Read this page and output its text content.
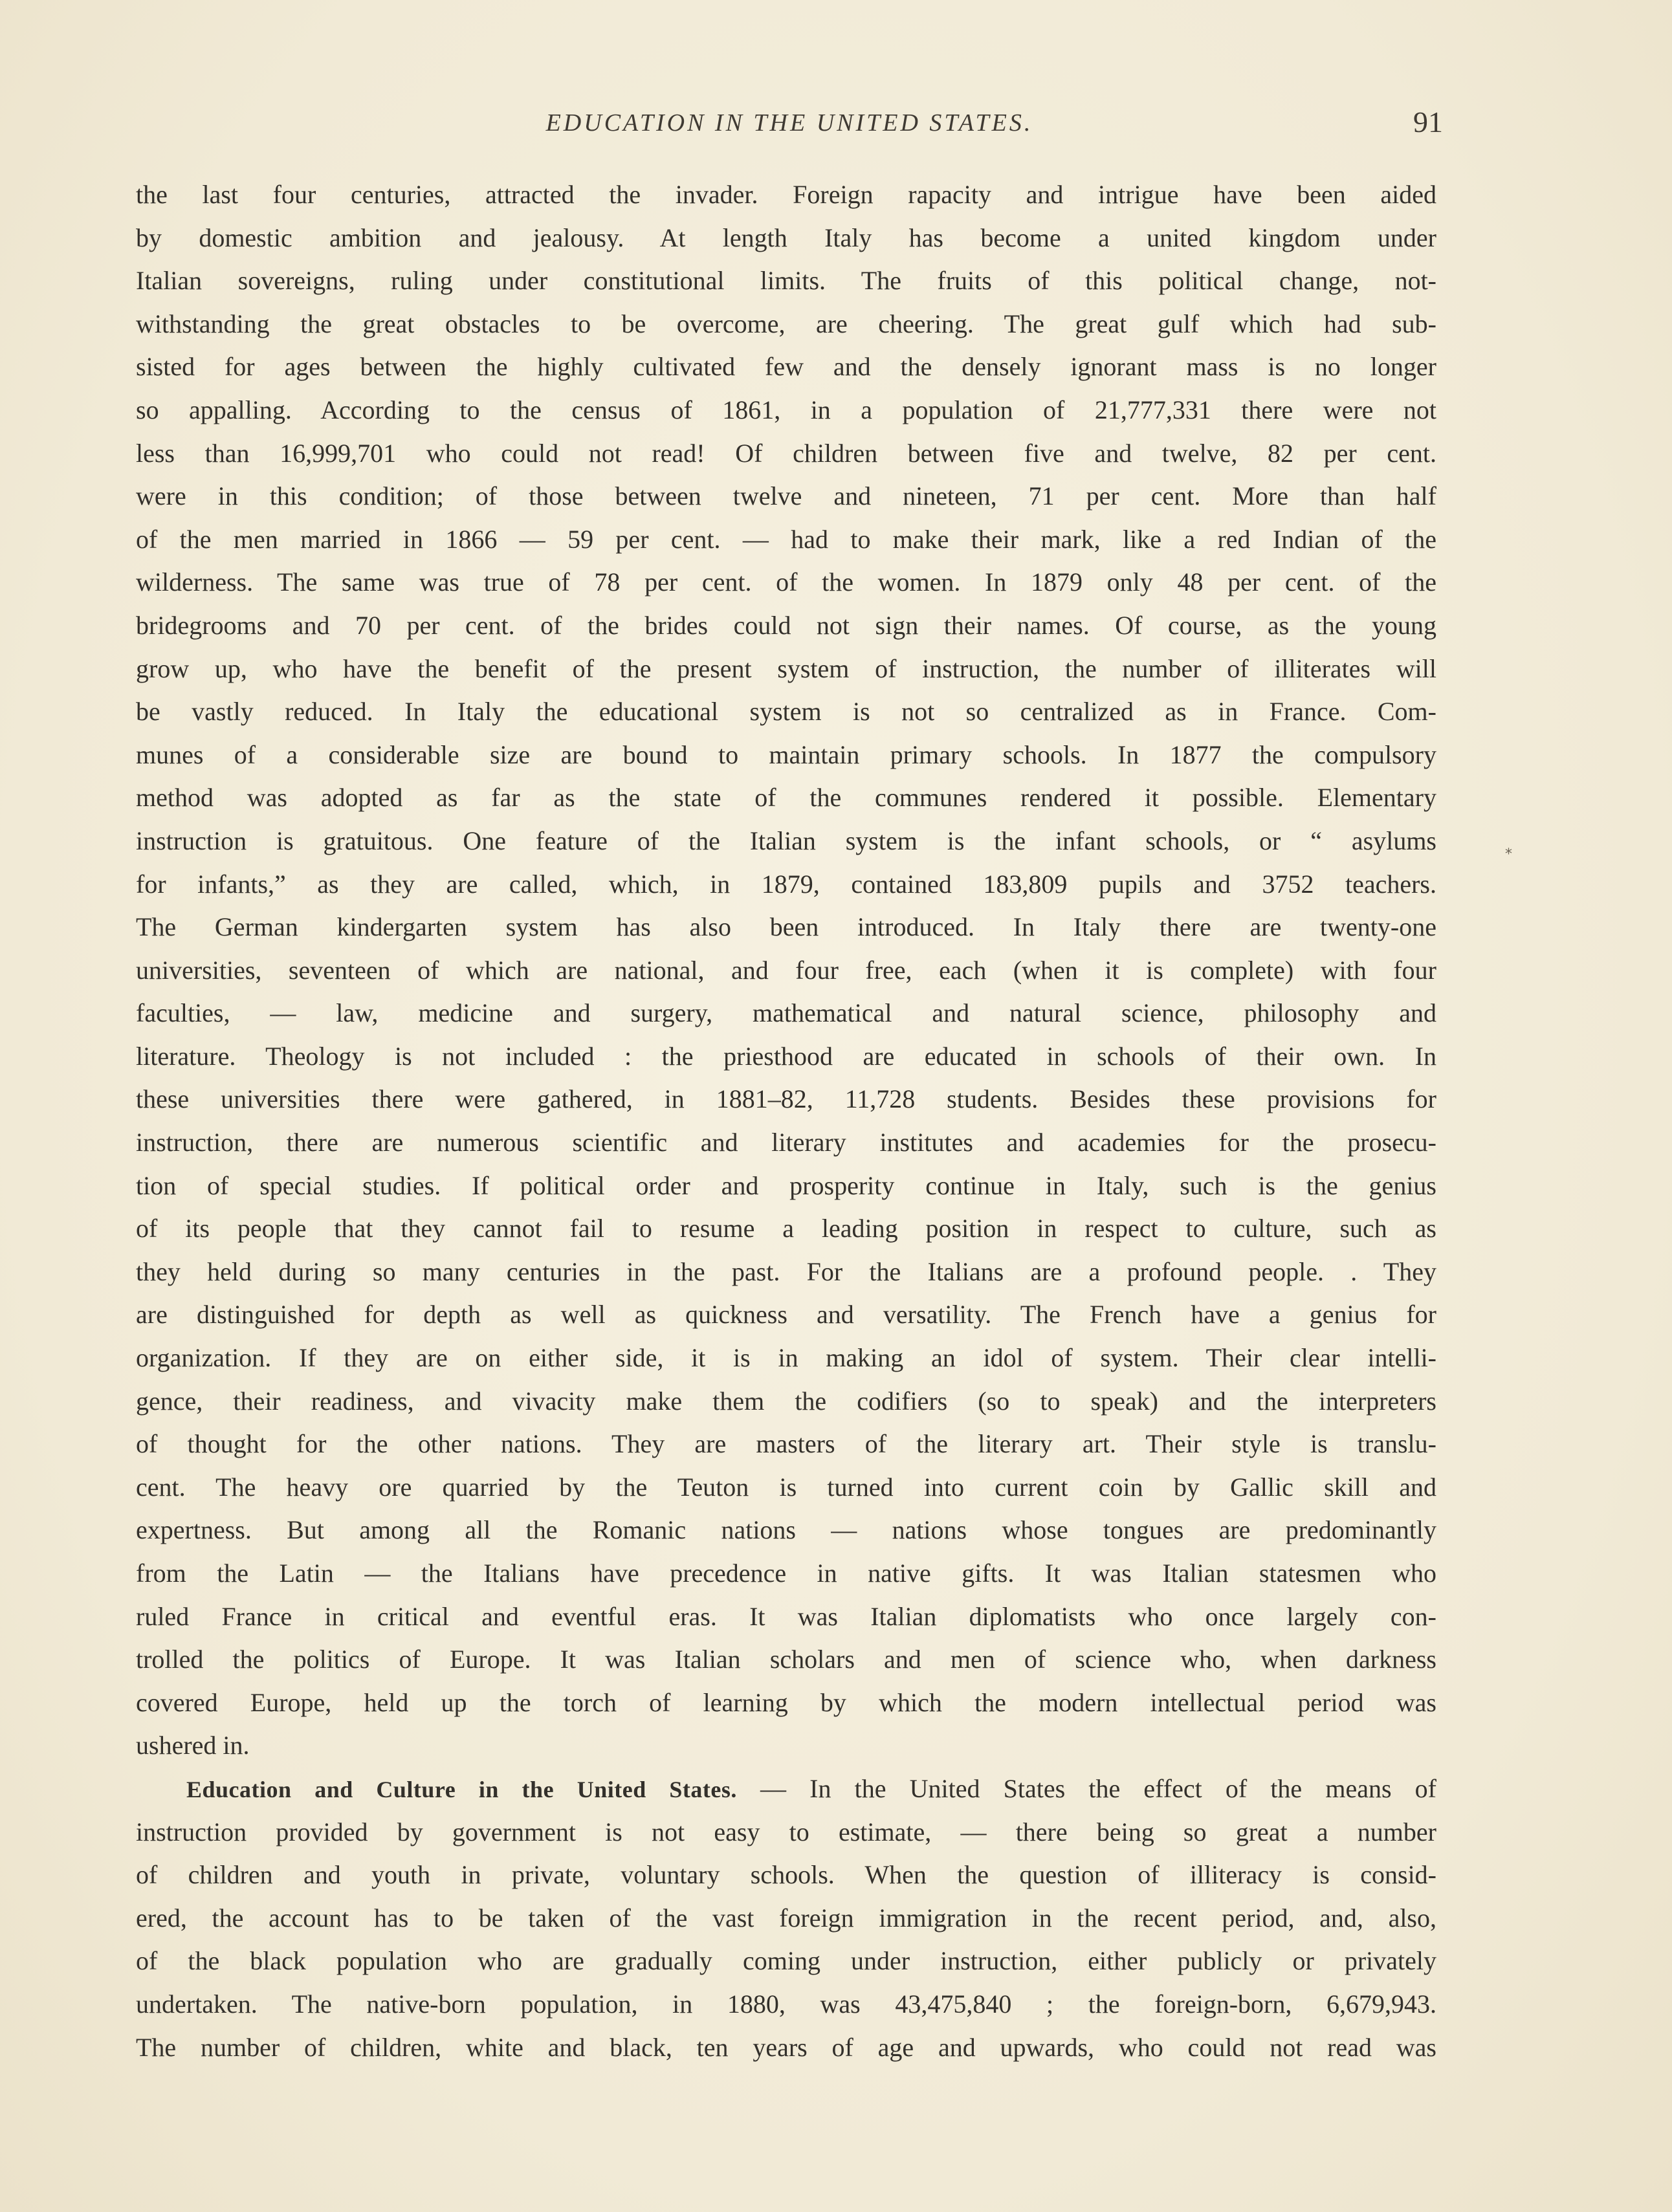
EDUCATION IN THE UNITED STATES.	91
*
the last four centuries, attracted the invader. Foreign rapacity and intrigue have been aided
by domestic ambition and jealousy. At length Italy has become a united kingdom under
Italian sovereigns, ruling under constitutional limits. The fruits of this political change, not-
withstanding the great obstacles to be overcome, are cheering. The great gulf which had sub-
sisted for ages between the highly cultivated few and the densely ignorant mass is no longer
so appalling. According to the census of 1861, in a population of 21,777,331 there were not
less than 16,999,701 who could not read! Of children between five and twelve, 82 per cent.
were in this condition; of those between twelve and nineteen, 71 per cent. More than half
of the men married in 1866 — 59 per cent. — had to make their mark, like a red Indian of the
wilderness. The same was true of 78 per cent. of the women. In 1879 only 48 per cent. of the
bridegrooms and 70 per cent. of the brides could not sign their names. Of course, as the young
grow up, who have the benefit of the present system of instruction, the number of illiterates will
be vastly reduced. In Italy the educational system is not so centralized as in France. Com-
munes of a considerable size are bound to maintain primary schools. In 1877 the compulsory
method was adopted as far as the state of the communes rendered it possible. Elementary
instruction is gratuitous. One feature of the Italian system is the infant schools, or “ asylums
for infants,” as they are called, which, in 1879, contained 183,809 pupils and 3752 teachers.
The German kindergarten system has also been introduced. In Italy there are twenty-one
universities, seventeen of which are national, and four free, each (when it is complete) with four
faculties, — law, medicine and surgery, mathematical and natural science, philosophy and
literature. Theology is not included : the priesthood are educated in schools of their own. In
these universities there were gathered, in 1881–82, 11,728 students. Besides these provisions for
instruction, there are numerous scientific and literary institutes and academies for the prosecu-
tion of special studies. If political order and prosperity continue in Italy, such is the genius
of its people that they cannot fail to resume a leading position in respect to culture, such as
they held during so many centuries in the past. For the Italians are a profound people. . They
are distinguished for depth as well as quickness and versatility. The French have a genius for
organization. If they are on either side, it is in making an idol of system. Their clear intelli-
gence, their readiness, and vivacity make them the codifiers (so to speak) and the interpreters
of thought for the other nations. They are masters of the literary art. Their style is translu-
cent. The heavy ore quarried by the Teuton is turned into current coin by Gallic skill and
expertness. But among all the Romanic nations — nations whose tongues are predominantly
from the Latin — the Italians have precedence in native gifts. It was Italian statesmen who
ruled France in critical and eventful eras. It was Italian diplomatists who once largely con-
trolled the politics of Europe. It was Italian scholars and men of science who, when darkness
covered Europe, held up the torch of learning by which the modern intellectual period was
ushered in.
Education and Culture in the United States. — In the United States the effect of the means of
instruction provided by government is not easy to estimate, — there being so great a number
of children and youth in private, voluntary schools. When the question of illiteracy is consid-
ered, the account has to be taken of the vast foreign immigration in the recent period, and, also,
of the black population who are gradually coming under instruction, either publicly or privately
undertaken. The native-born population, in 1880, was 43,475,840 ; the foreign-born, 6,679,943.
The number of children, white and black, ten years of age and upwards, who could not read was
